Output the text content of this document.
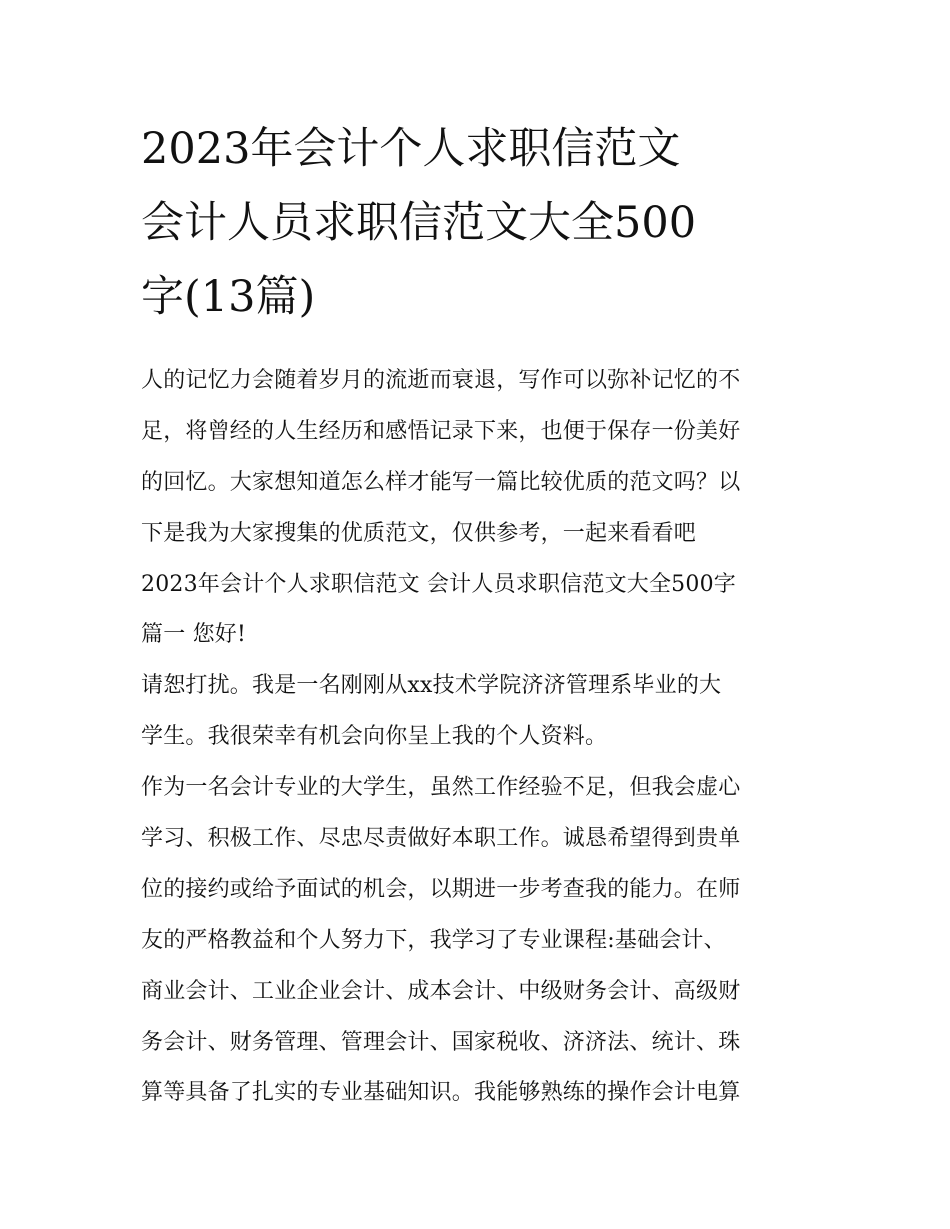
2023年会计个人求职信范文
会计人员求职信范文大全500
字(13篇)
人的记忆力会随着岁月的流逝而衰退，写作可以弥补记忆的不
足，将曾经的人生经历和感悟记录下来，也便于保存一份美好
的回忆。大家想知道怎么样才能写一篇比较优质的范文吗？以
下是我为大家搜集的优质范文，仅供参考，一起来看看吧
2023年会计个人求职信范文 会计人员求职信范文大全500字
篇一 您好!
请恕打扰。我是一名刚刚从xx技术学院济济管理系毕业的大
学生。我很荣幸有机会向你呈上我的个人资料。
作为一名会计专业的大学生，虽然工作经验不足，但我会虚心
学习、积极工作、尽忠尽责做好本职工作。诚恳希望得到贵单
位的接约或给予面试的机会，以期进一步考查我的能力。在师
友的严格教益和个人努力下，我学习了专业课程:基础会计、
商业会计、工业企业会计、成本会计、中级财务会计、高级财
务会计、财务管理、管理会计、国家税收、济济法、统计、珠
算等具备了扎实的专业基础知识。我能够熟练的操作会计电算
